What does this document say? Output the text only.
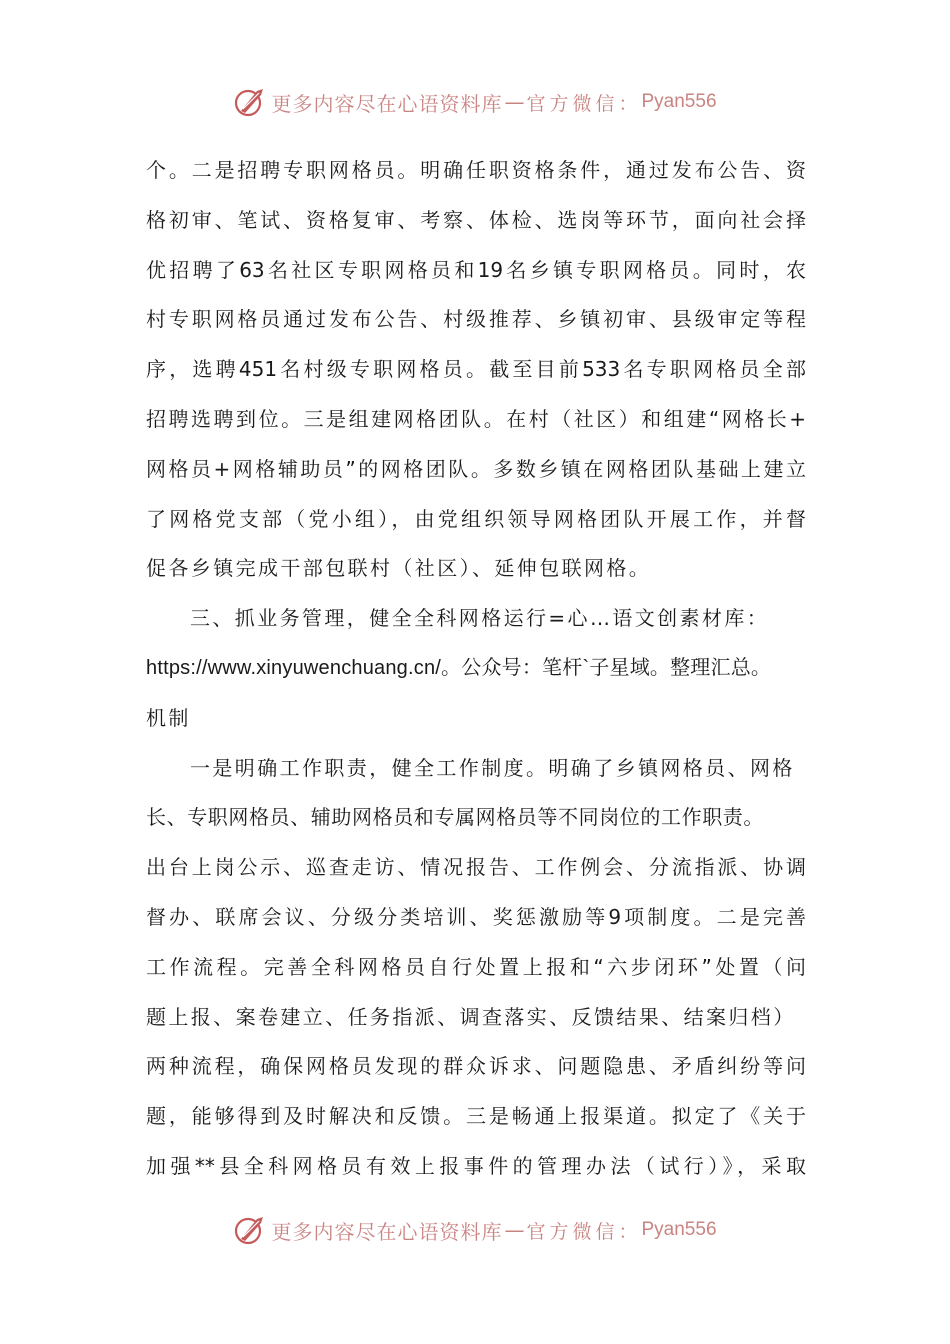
更多内容尽在心语资料库 — 官方微信： Pyan556
个。二是招聘专职网格员。明确任职资格条件，通过发布公告、资
格初审、笔试、资格复审、考察、体检、选岗等环节，面向社会择
优招聘了63名社区专职网格员和19名乡镇专职网格员。同时，农
村专职网格员通过发布公告、村级推荐、乡镇初审、县级审定等程
序，选聘451名村级专职网格员。截至目前533名专职网格员全部
招聘选聘到位。三是组建网格团队。在村（社区）和组建“网格长+
网格员+网格辅助员”的网格团队。多数乡镇在网格团队基础上建立
了网格党支部（党小组），由党组织领导网格团队开展工作，并督
促各乡镇完成干部包联村（社区）、延伸包联网格。
三、抓业务管理，健全全科网格运行=心…语文创素材库：
https://www.xinyuwenchuang.cn/。公众号：笔杆`子星域。整理汇总。
机制
一是明确工作职责，健全工作制度。明确了乡镇网格员、网格
长、专职网格员、辅助网格员和专属网格员等不同岗位的工作职责。
出台上岗公示、巡查走访、情况报告、工作例会、分流指派、协调
督办、联席会议、分级分类培训、奖惩激励等9项制度。二是完善
工作流程。完善全科网格员自行处置上报和“六步闭环”处置（问
题上报、案卷建立、任务指派、调查落实、反馈结果、结案归档）
两种流程，确保网格员发现的群众诉求、问题隐患、矛盾纠纷等问
题，能够得到及时解决和反馈。三是畅通上报渠道。拟定了《关于
加强**县全科网格员有效上报事件的管理办法（试行）》，采取
更多内容尽在心语资料库 — 官方微信： Pyan556
